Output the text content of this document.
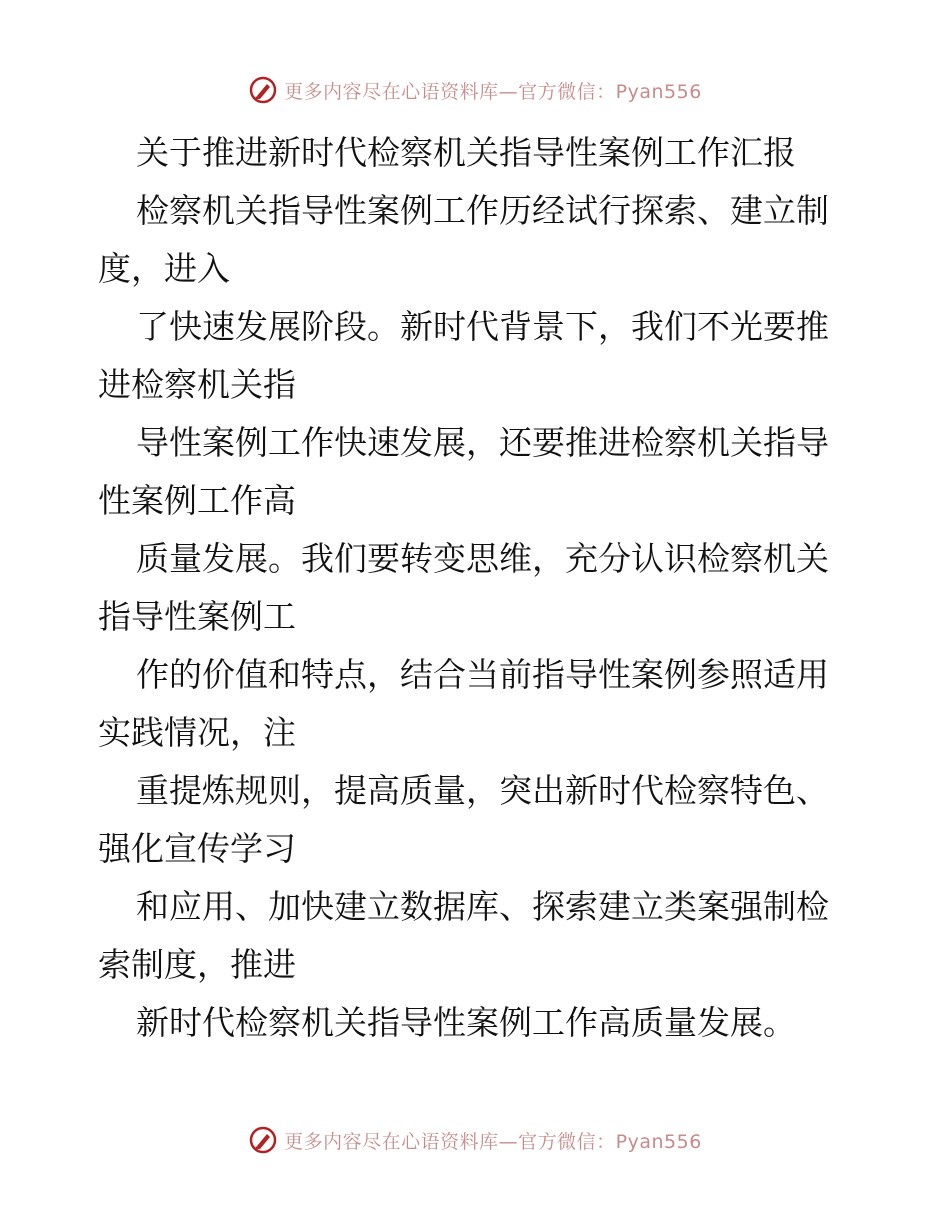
更多内容尽在心语资料库—官方微信：Pyan556
关于推进新时代检察机关指导性案例工作汇报
检察机关指导性案例工作历经试行探索、建立制
度，进入
了快速发展阶段。新时代背景下，我们不光要推
进检察机关指
导性案例工作快速发展，还要推进检察机关指导
性案例工作高
质量发展。我们要转变思维，充分认识检察机关
指导性案例工
作的价值和特点，结合当前指导性案例参照适用
实践情况，注
重提炼规则，提高质量，突出新时代检察特色、
强化宣传学习
和应用、加快建立数据库、探索建立类案强制检
索制度，推进
新时代检察机关指导性案例工作高质量发展。
更多内容尽在心语资料库—官方微信：Pyan556
